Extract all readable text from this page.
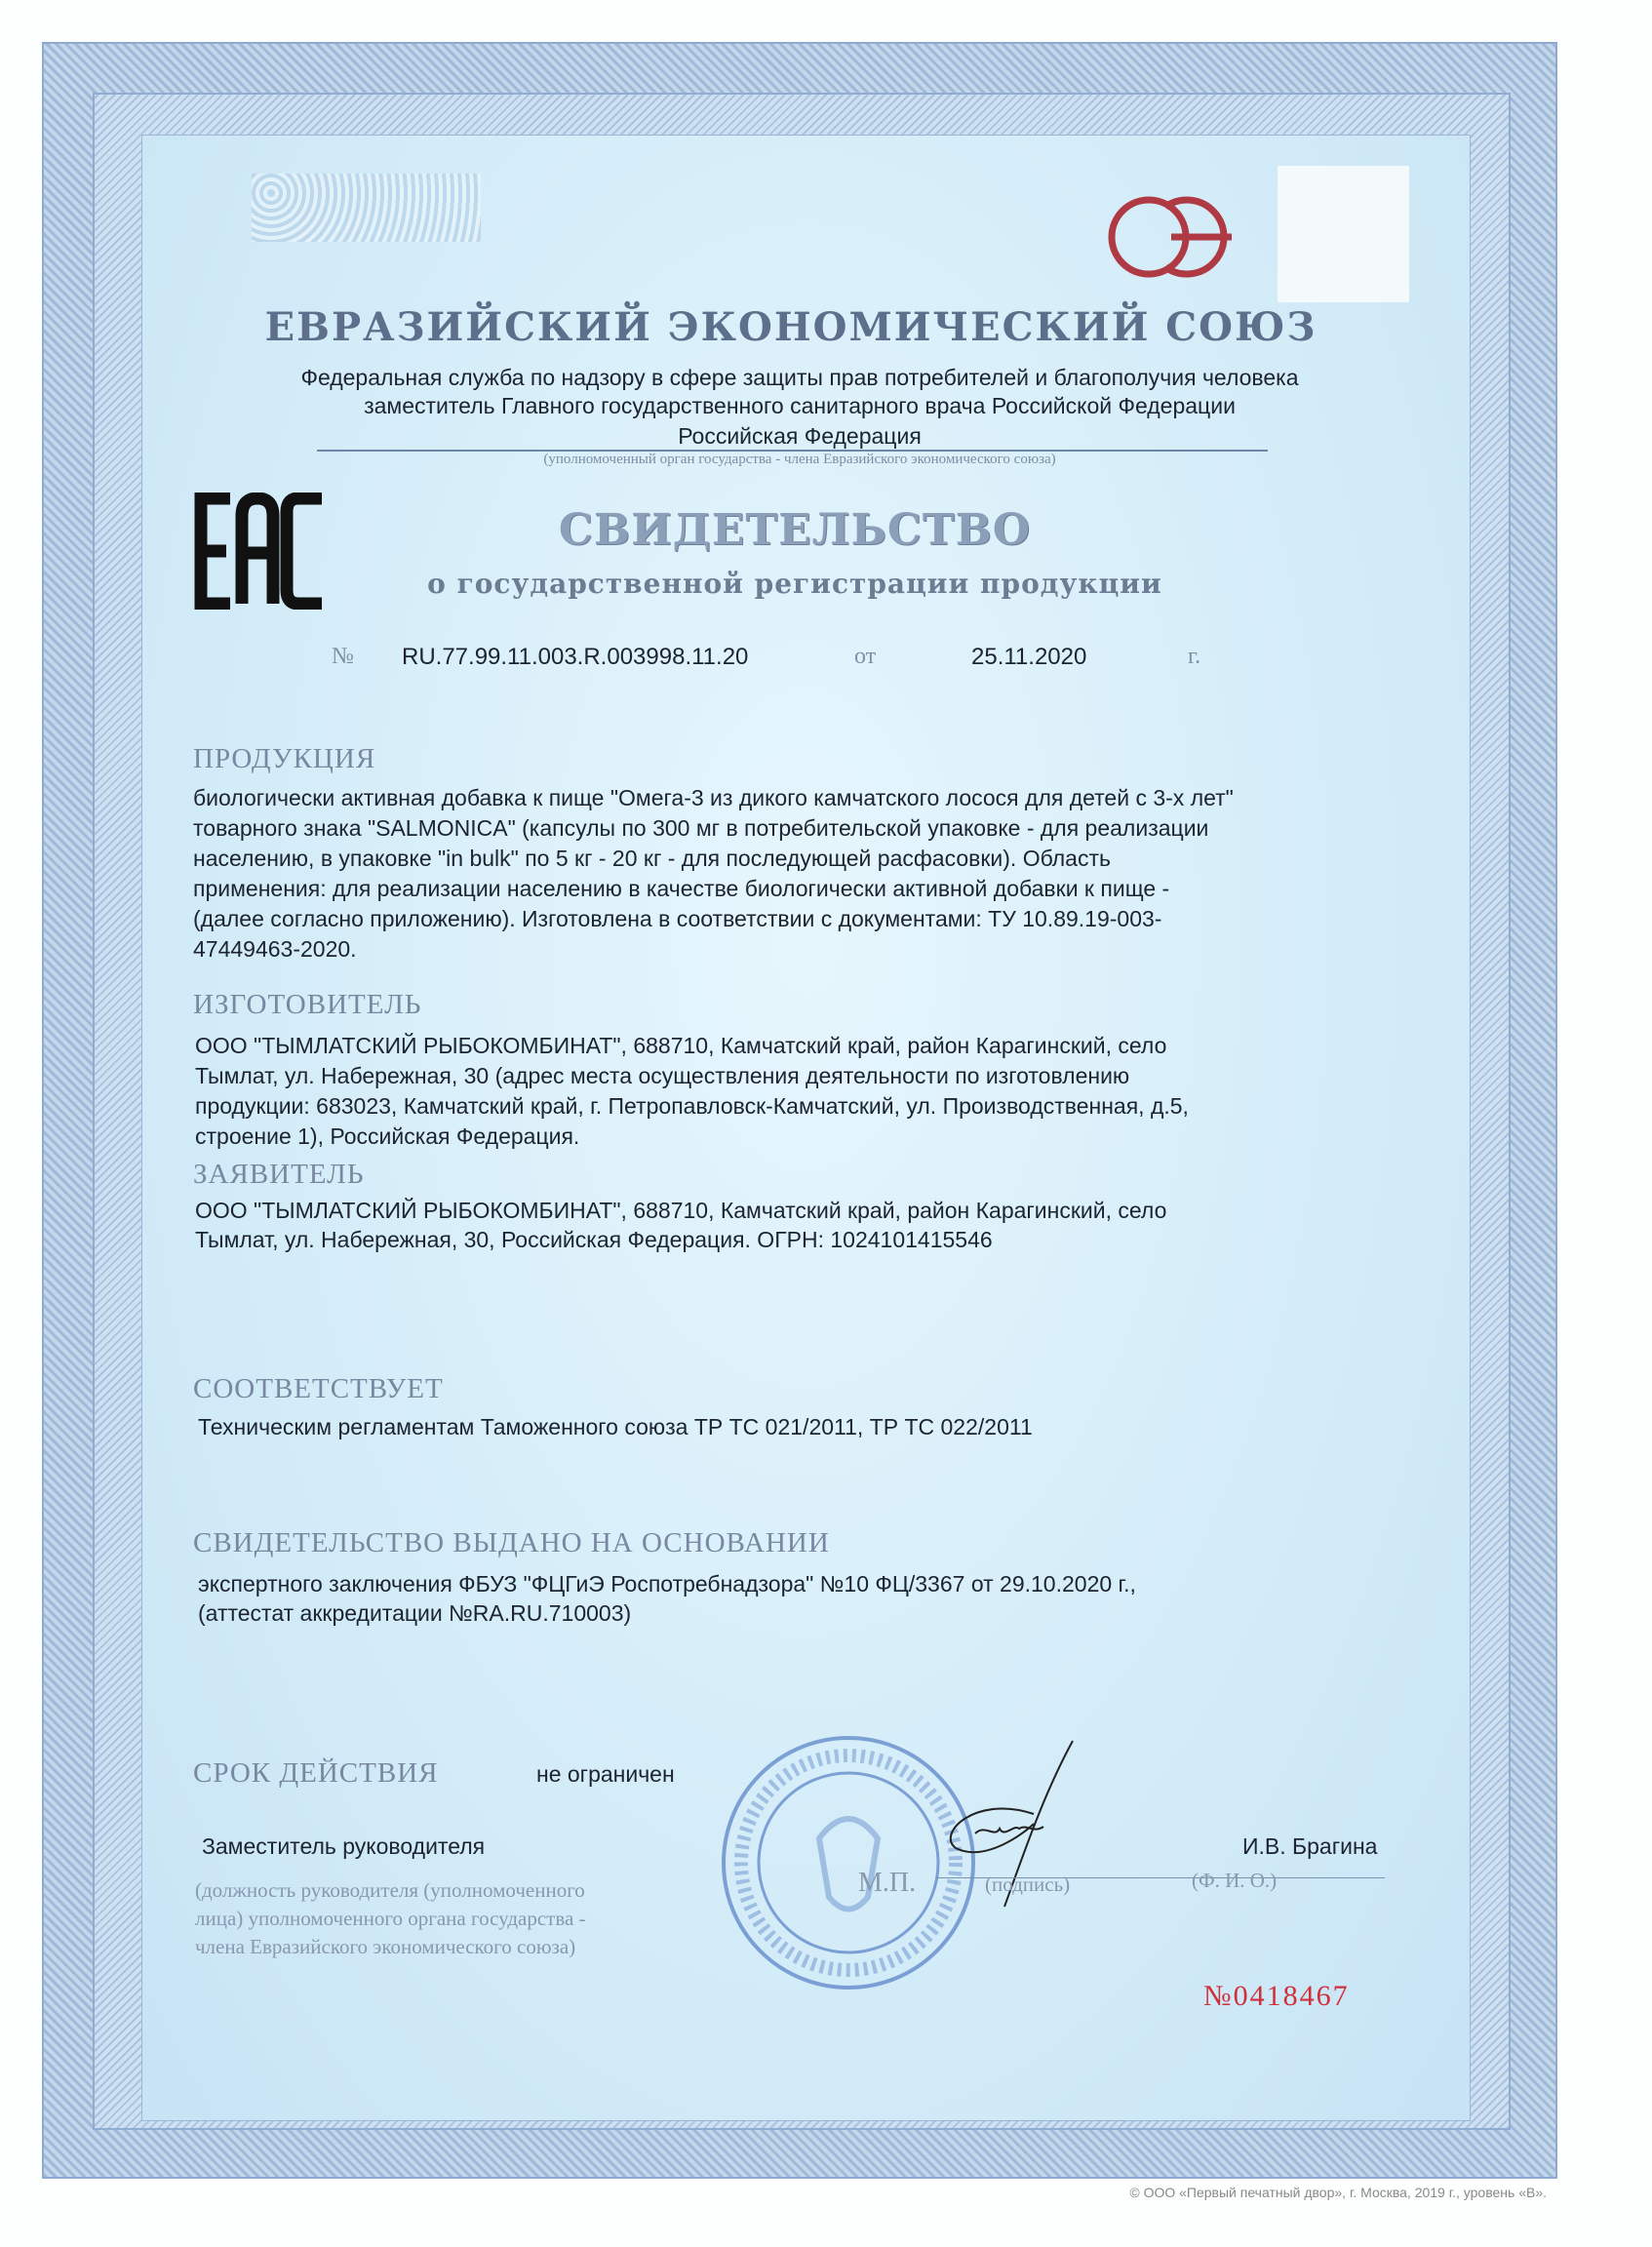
ЕВРАЗИЙСКИЙ ЭКОНОМИЧЕСКИЙ СОЮЗ
Федеральная служба по надзору в сфере защиты прав потребителей и благополучия человека
заместитель Главного государственного санитарного врача Российской Федерации
Российская Федерация
(уполномоченный орган государства - члена Евразийского экономического союза)
СВИДЕТЕЛЬСТВО
о государственной регистрации продукции
№ RU.77.99.11.003.R.003998.11.20	от	25.11.2020	г.
ПРОДУКЦИЯ
биологически активная добавка к пище "Омега-3 из дикого камчатского лосося для детей с 3-х лет"
товарного знака "SALMONICA" (капсулы по 300 мг в потребительской упаковке - для реализации
населению, в упаковке "in bulk" по 5 кг - 20 кг - для последующей расфасовки). Область
применения: для реализации населению в качестве биологически активной добавки к пище -
(далее согласно приложению). Изготовлена в соответствии с документами: ТУ 10.89.19-003-
47449463-2020.
ИЗГОТОВИТЕЛЬ
ООО "ТЫМЛАТСКИЙ РЫБОКОМБИНАТ", 688710, Камчатский край, район Карагинский, село
Тымлат, ул. Набережная, 30 (адрес места осуществления деятельности по изготовлению
продукции: 683023, Камчатский край, г. Петропавловск-Камчатский, ул. Производственная, д.5,
строение 1), Российская Федерация.
ЗАЯВИТЕЛЬ
ООО "ТЫМЛАТСКИЙ РЫБОКОМБИНАТ", 688710, Камчатский край, район Карагинский, село
Тымлат, ул. Набережная, 30, Российская Федерация. ОГРН: 1024101415546
СООТВЕТСТВУЕТ
Техническим регламентам Таможенного союза ТР ТС 021/2011, ТР ТС 022/2011
СВИДЕТЕЛЬСТВО ВЫДАНО НА ОСНОВАНИИ
экспертного заключения ФБУЗ "ФЦГиЭ Роспотребнадзора" №10 ФЦ/3367 от 29.10.2020 г.,
(аттестат аккредитации №RA.RU.710003)
СРОК ДЕЙСТВИЯ	не ограничен
М.П.
Заместитель руководителя	И.В. Брагина
(подпись)	(Ф. И. О.)
(должность руководителя (уполномоченного
лица) уполномоченного органа государства -
члена Евразийского экономического союза)
№0418467
© ООО «Первый печатный двор», г. Москва, 2019 г., уровень «В».
